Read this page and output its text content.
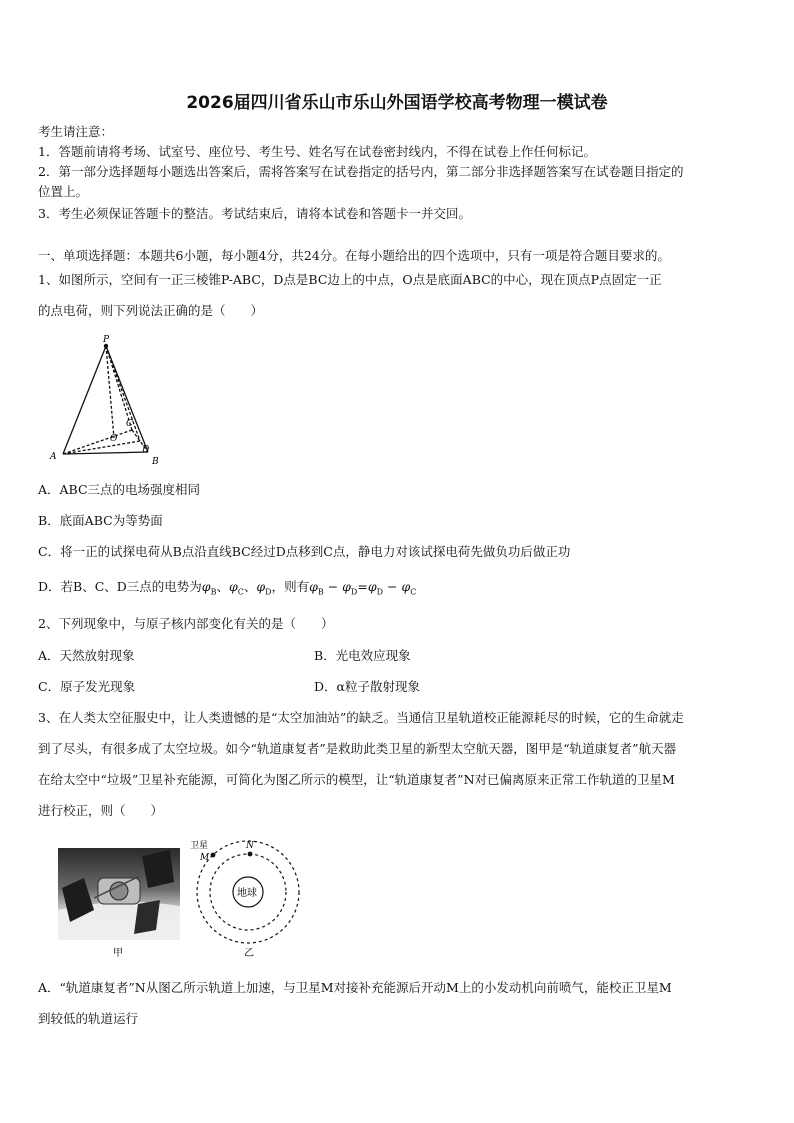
2026届四川省乐山市乐山外国语学校高考物理一模试卷
考生请注意：
1．答题前请将考场、试室号、座位号、考生号、姓名写在试卷密封线内，不得在试卷上作任何标记。
2．第一部分选择题每小题选出答案后，需将答案写在试卷指定的括号内，第二部分非选择题答案写在试卷题目指定的
位置上。
3．考生必须保证答题卡的整洁。考试结束后，请将本试卷和答题卡一并交回。
一、单项选择题：本题共6小题，每小题4分，共24分。在每小题给出的四个选项中，只有一项是符合题目要求的。
1、如图所示，空间有一正三棱锥P-ABC，D点是BC边上的中点，O点是底面ABC的中心，现在顶点P点固定一正
的点电荷，则下列说法正确的是（　　）
P
A	B
C
D
O
A．ABC三点的电场强度相同
B．底面ABC为等势面
C．将一正的试探电荷从B点沿直线BC经过D点移到C点，静电力对该试探电荷先做负功后做正功
D．若B、C、D三点的电势为$\varphi_B$、$\varphi_C$、$\varphi_D$，则有$\varphi_B - \varphi_D=\varphi_D - \varphi_C$
2、下列现象中，与原子核内部变化有关的是（　　）
A．天然放射现象	B．光电效应现象
C．原子发光现象	D．α粒子散射现象
3、在人类太空征服史中，让人类遗憾的是“太空加油站”的缺乏。当通信卫星轨道校正能源耗尽的时候，它的生命就走
到了尽头，有很多成了太空垃圾。如今“轨道康复者”是救助此类卫星的新型太空航天器，图甲是“轨道康复者”航天器
在给太空中“垃圾”卫星补充能源，可简化为图乙所示的模型，让“轨道康复者”N对已偏离原来正常工作轨道的卫星M
进行校正，则（　　）
甲
地球
卫星
M
N
乙
A．“轨道康复者”N从图乙所示轨道上加速，与卫星M对接补充能源后开动M上的小发动机向前喷气，能校正卫星M
到较低的轨道运行
